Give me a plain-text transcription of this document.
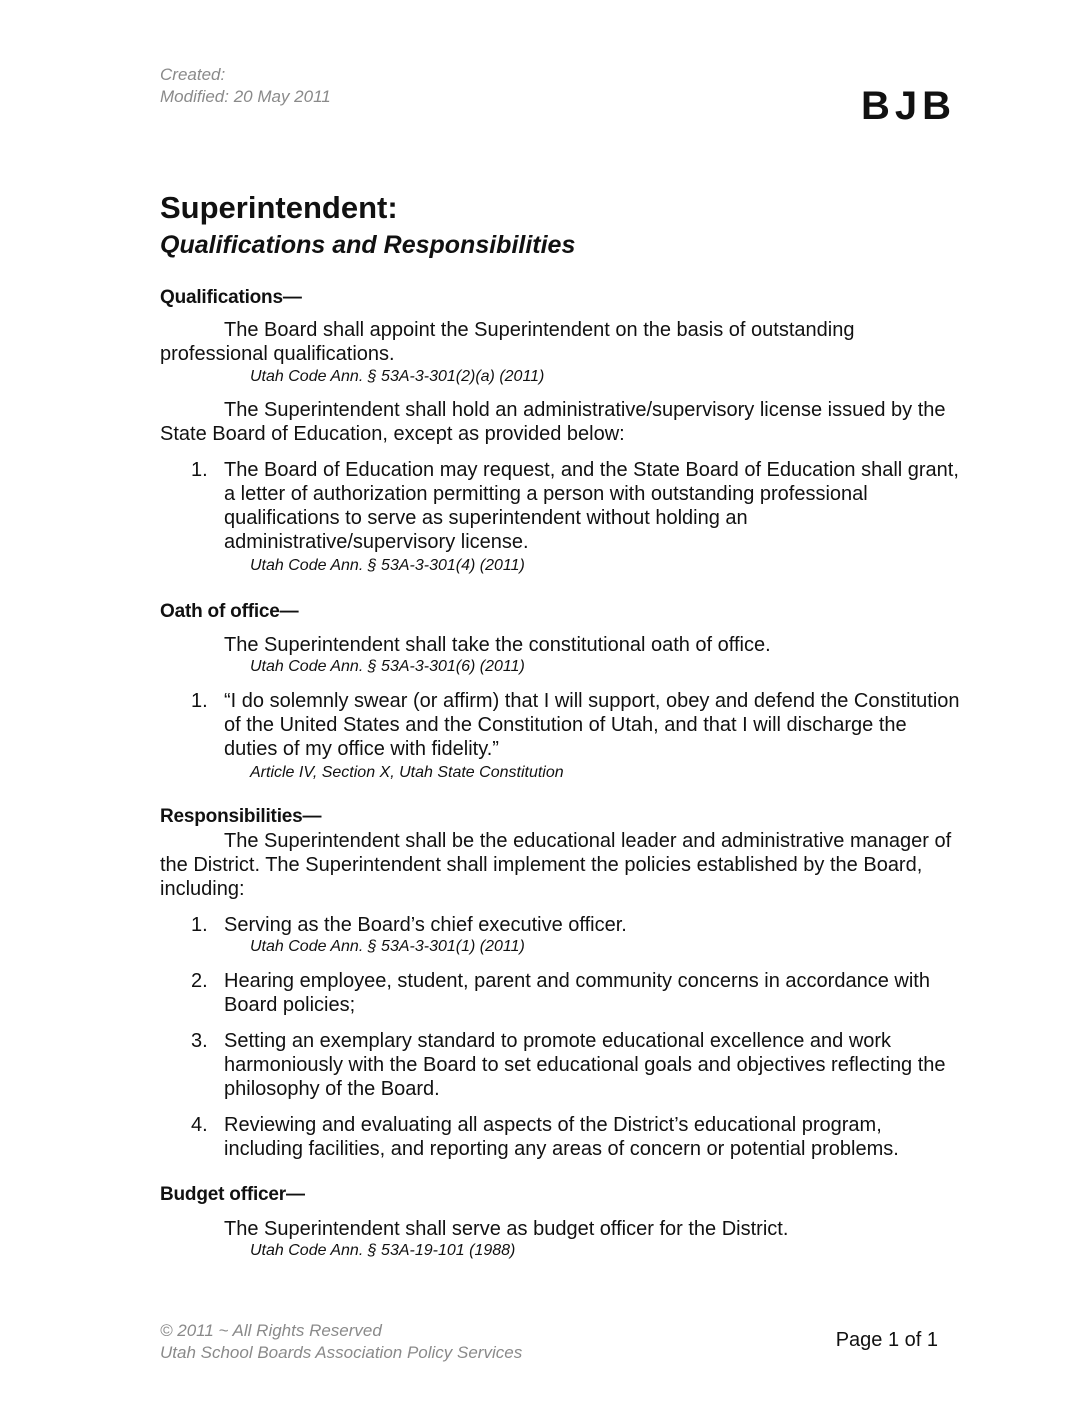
Created:
Modified: 20 May 2011	BJB
Superintendent:
Qualifications and Responsibilities
Qualifications—
The Board shall appoint the Superintendent on the basis of outstanding professional qualifications.
Utah Code Ann. § 53A-3-301(2)(a) (2011)
The Superintendent shall hold an administrative/supervisory license issued by the State Board of Education, except as provided below:
1. The Board of Education may request, and the State Board of Education shall grant, a letter of authorization permitting a person with outstanding professional qualifications to serve as superintendent without holding an administrative/supervisory license.
Utah Code Ann. § 53A-3-301(4) (2011)
Oath of office—
The Superintendent shall take the constitutional oath of office.
Utah Code Ann. § 53A-3-301(6) (2011)
1. “I do solemnly swear (or affirm) that I will support, obey and defend the Constitution of the United States and the Constitution of Utah, and that I will discharge the duties of my office with fidelity.”
Article IV, Section X, Utah State Constitution
Responsibilities—
The Superintendent shall be the educational leader and administrative manager of the District. The Superintendent shall implement the policies established by the Board, including:
1. Serving as the Board’s chief executive officer.
Utah Code Ann. § 53A-3-301(1) (2011)
2. Hearing employee, student, parent and community concerns in accordance with Board policies;
3. Setting an exemplary standard to promote educational excellence and work harmoniously with the Board to set educational goals and objectives reflecting the philosophy of the Board.
4. Reviewing and evaluating all aspects of the District’s educational program, including facilities, and reporting any areas of concern or potential problems.
Budget officer—
The Superintendent shall serve as budget officer for the District.
Utah Code Ann. § 53A-19-101 (1988)
© 2011 ~ All Rights Reserved
Utah School Boards Association Policy Services
Page 1 of 1
